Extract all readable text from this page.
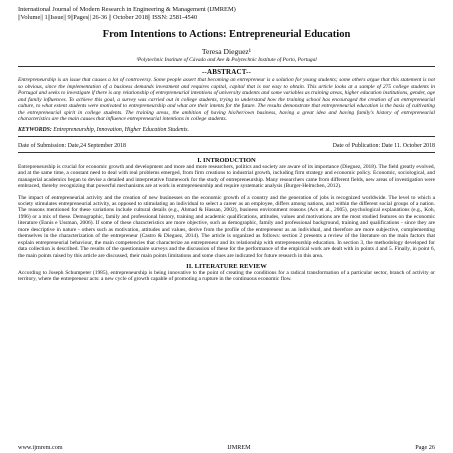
International Journal of Modern Research in Engineering & Management (IJMREM)
||Volume|| 1||Issue|| 9||Pages|| 26-36 || October 2018|| ISSN: 2581-4540
From Intentions to Actions: Entrepreneurial Education
Teresa Dieguez¹
¹Polytechnic Institute of Cávado and Ave & Polytechnic Institute of Porto, Portugal
--ABSTRACT--
Entrepreneurship is an issue that causes a lot of controversy. Some people assert that becoming an entrepreneur is a solution for young students; some others argue that this statement is not so obvious, since the implementation of a business demands investment and requires capital, capital that is not easy to obtain. This article looks at a sample of 275 college students in Portugal and seeks to investigate if there is any relationship of entrepreneurial intentions of university students and some variables as training areas, higher education institutions, gender, age and family influences. To achieve this goal, a survey was carried out in college students, trying to understand how the training school has encouraged the creation of an entrepreneurial culture, to what extent students were motivated to entrepreneurship and what are their intents for the future. The results demonstrate that entrepreneurial education is the basis of cultivating the entrepreneurial spirit in college students. The training areas, the ambition of having his/her/own business, having a great idea and having family's history of entrepreneurial characteristics are the main causes that influence entrepreneurial intentions in college students.
KEYWORDS: Entrepreneurship, Innovation, Higher Education Students.
Date of Submission: Date,24 September 2018	Date of Publication: Date 11. October 2018
I. INTRODUCTION

Entrepreneurship is crucial for economic growth and development and more and more researchers, politics and society are aware of its importance (Dieguez, 2018). The field greatly evolved, and at the same time, a constant need to deal with real problems emerged, from firm creations to industrial growth, including firm strategy and economic policy. Economic, sociological, and managerial academics began to devise a detailed and interpretative framework for the study of entrepreneurship. Many researchers came from different fields, new areas of investigation were embraced, thereby recognizing that powerful mechanisms are at work in entrepreneurship and require systematic analysis (Burger-Helmchen, 2012).

The impact of entrepreneurial activity and the creation of new businesses on the economic growth of a country and the generation of jobs is recognized worldwide. The level to which a society stimulates entrepreneurial activity, as opposed to stimulating an individual to select a career as an employee, differs among nations, and within the different social groups of a nation. The reasons mentioned for these variations include cultural details (e.g., Ahmad & Hassan, 2002), business environment reasons (Acs et al., 2005), psychological explanations (e.g., Koh, 1996) or a mix of these. Demographic, family and professional history, training and academic qualifications, attitudes, values and motivations are the most studied features on the economic literature (Ennis e Ussman, 2006). If some of these characteristics are more objective, such as demographic, family and professional background, training and qualifications - since they are more descriptive in nature - others such as motivation, attitudes and values, derive from the profile of the entrepreneur as an individual, and therefore are more subjective, complementing themselves in the characterization of the entrepreneur (Castro & Dieguez, 2014). The article is organized as follows: section 2 presents a review of the literature on the main factors that explain entrepreneurial behaviour, the main competencies that characterize an entrepreneur and its relationship with entrepreneurship education. In section 3, the methodology developed for data collection is described. The results of the questionnaire surveys and the discussion of these for the performance of the empirical work are dealt with in points 4 and 5. Finally, in point 6, the main points raised by this article are discussed, their main points limitations and some clues are indicated for future research in this area.

II. LITERATURE REVIEW

According to Joseph Schumpeter (1985), entrepreneurship is being innovative to the point of creating the conditions for a radical transformation of a particular sector, branch of activity or territory, where the entrepreneur acts: a new cycle of growth capable of promoting a rupture in the continuous economic flow.

www.ijmrem.com	IJMREM	Page 26
